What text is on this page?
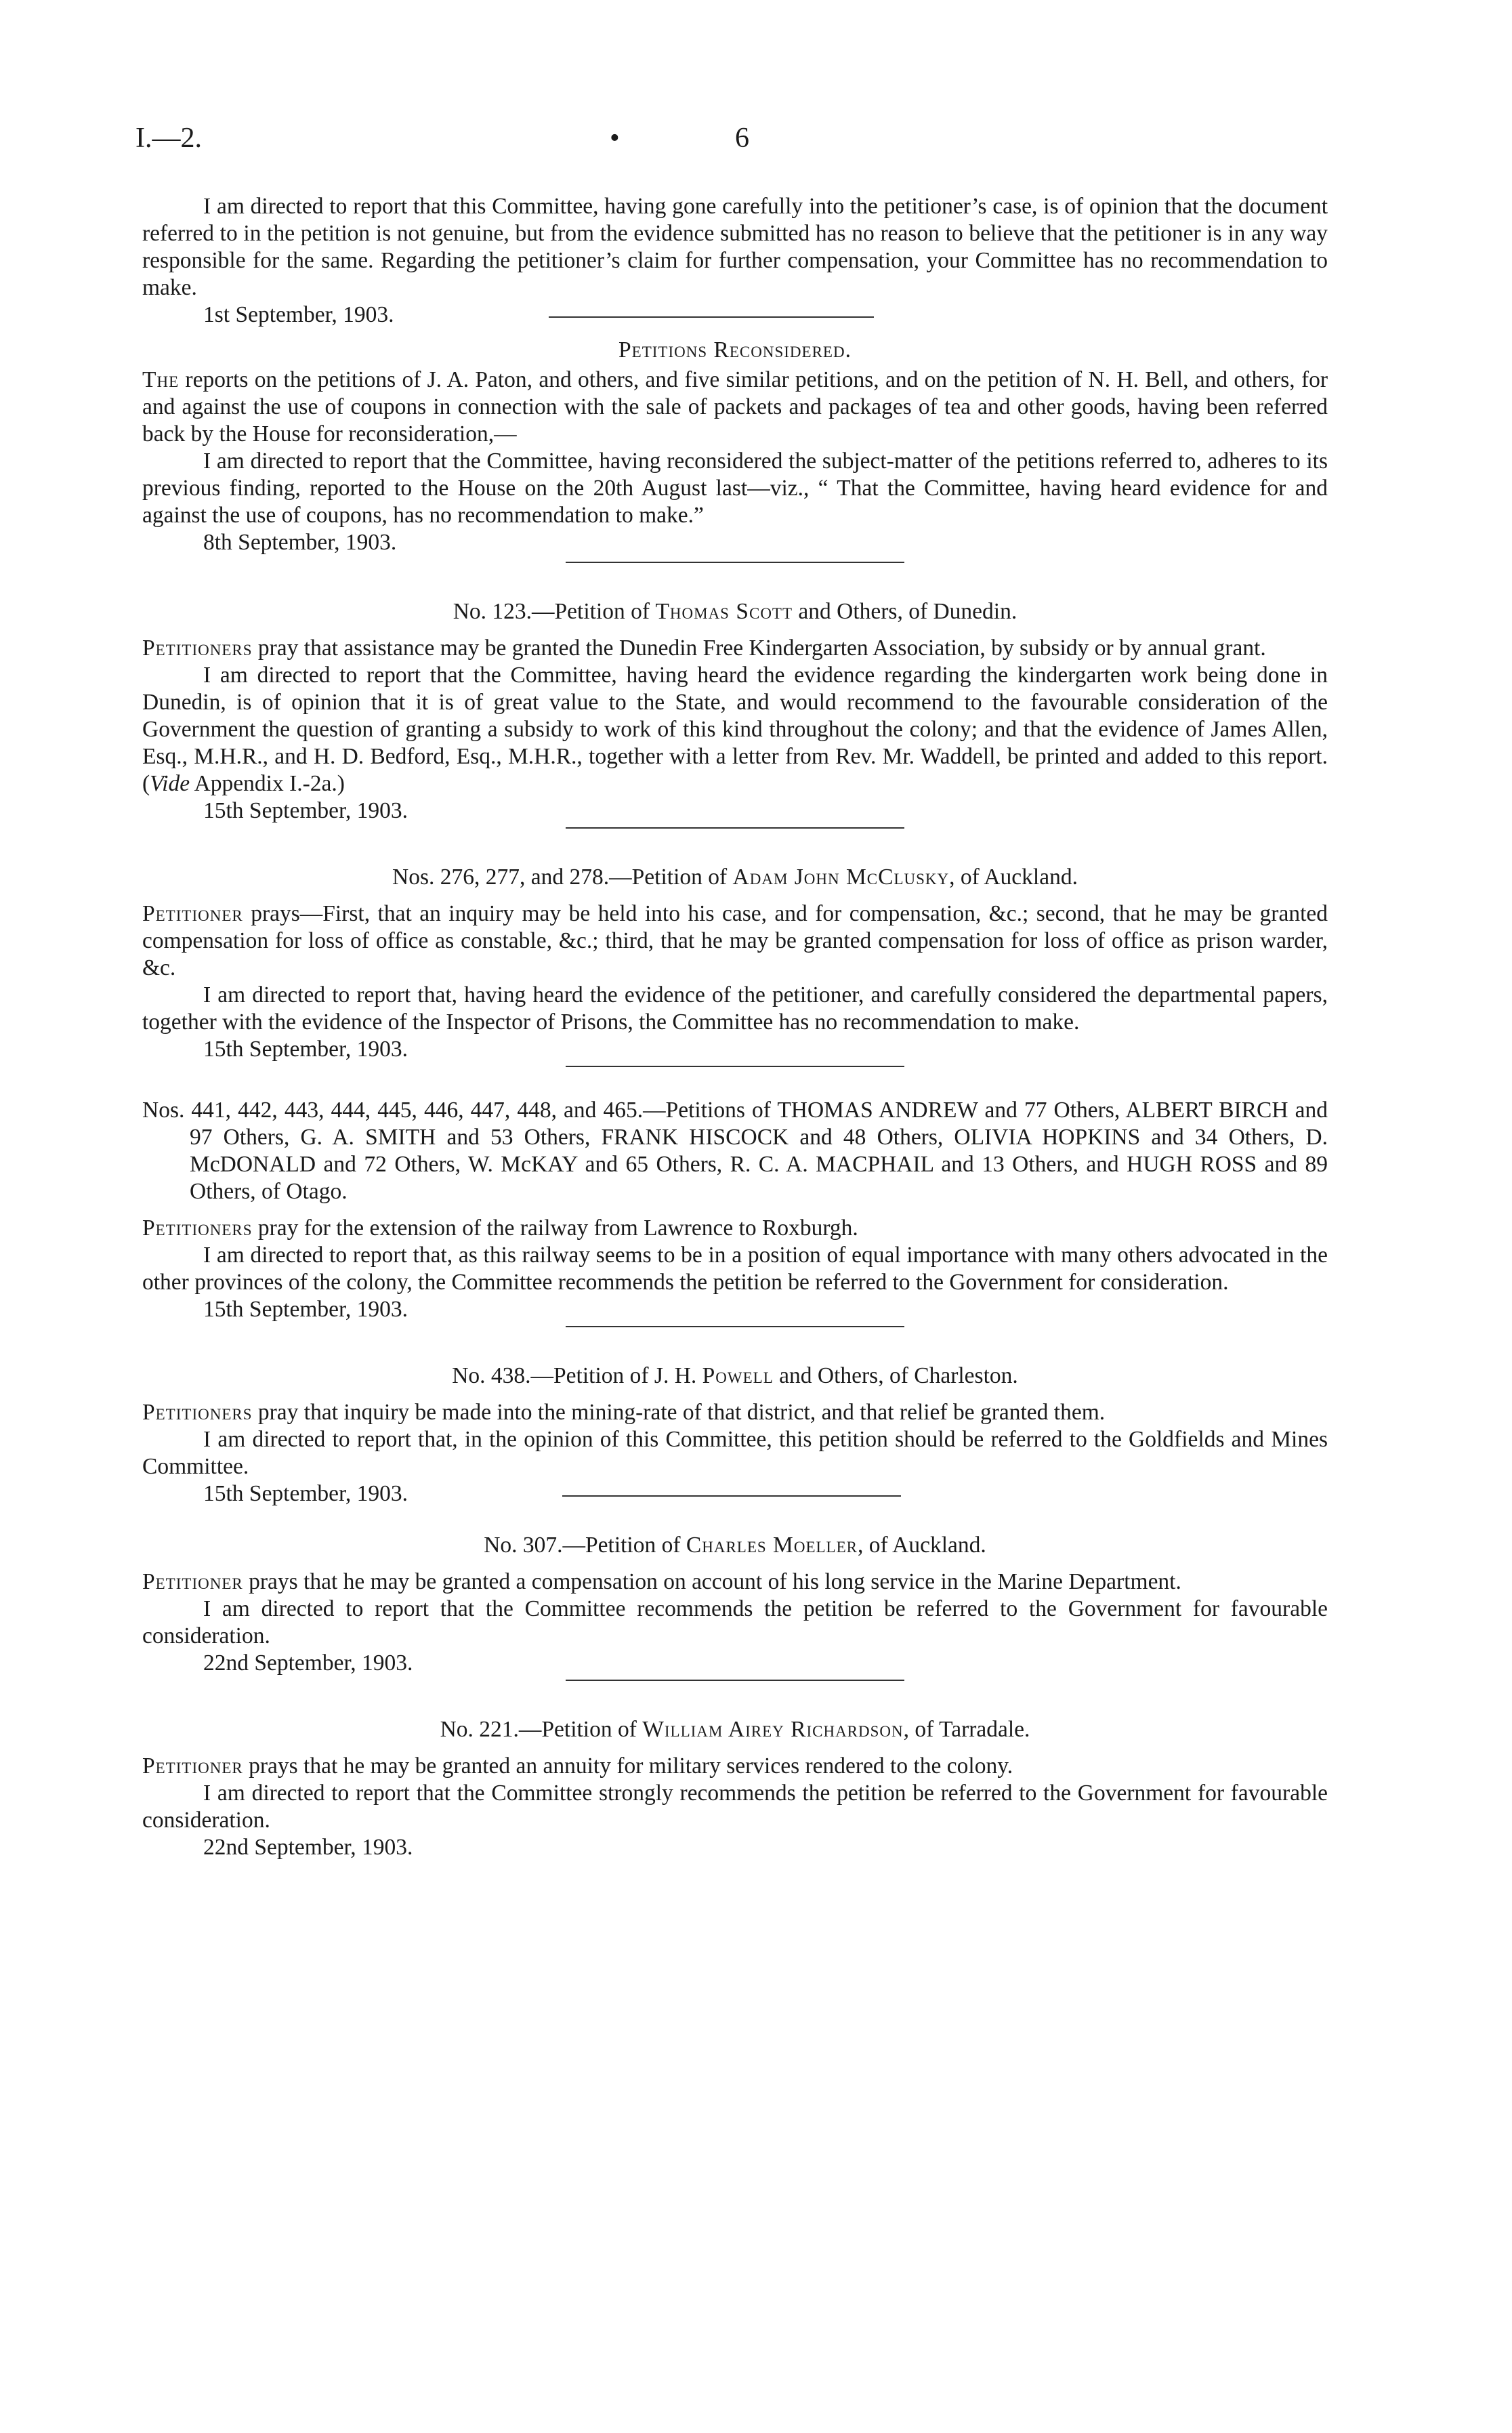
I.—2.	•	6

I am directed to report that this Committee, having gone carefully into the petitioner’s case, is of opinion that the document referred to in the petition is not genuine, but from the evidence submitted has no reason to believe that the petitioner is in any way responsible for the same. Regarding the petitioner’s claim for further compensation, your Committee has no recommendation to make.

1st September, 1903.
Petitions Reconsidered.

The reports on the petitions of J. A. Paton, and others, and five similar petitions, and on the petition of N. H. Bell, and others, for and against the use of coupons in connection with the sale of packets and packages of tea and other goods, having been referred back by the House for reconsideration,—

I am directed to report that the Committee, having reconsidered the subject-matter of the petitions referred to, adheres to its previous finding, reported to the House on the 20th August last—viz., “ That the Committee, having heard evidence for and against the use of coupons, has no recommendation to make.”

8th September, 1903.
No. 123.—Petition of Thomas Scott and Others, of Dunedin.

Petitioners pray that assistance may be granted the Dunedin Free Kindergarten Association, by subsidy or by annual grant.

I am directed to report that the Committee, having heard the evidence regarding the kindergarten work being done in Dunedin, is of opinion that it is of great value to the State, and would recommend to the favourable consideration of the Government the question of granting a subsidy to work of this kind throughout the colony; and that the evidence of James Allen, Esq., M.H.R., and H. D. Bedford, Esq., M.H.R., together with a letter from Rev. Mr. Waddell, be printed and added to this report. (Vide Appendix I.-2a.)

15th September, 1903.
Nos. 276, 277, and 278.—Petition of Adam John McClusky, of Auckland.

Petitioner prays—First, that an inquiry may be held into his case, and for compensation, &c.; second, that he may be granted compensation for loss of office as constable, &c.; third, that he may be granted compensation for loss of office as prison warder, &c.

I am directed to report that, having heard the evidence of the petitioner, and carefully considered the departmental papers, together with the evidence of the Inspector of Prisons, the Committee has no recommendation to make.

15th September, 1903.

Nos. 441, 442, 443, 444, 445, 446, 447, 448, and 465.—Petitions of THOMAS ANDREW and 77 Others, ALBERT BIRCH and 97 Others, G. A. SMITH and 53 Others, FRANK HISCOCK and 48 Others, OLIVIA HOPKINS and 34 Others, D. McDONALD and 72 Others, W. McKAY and 65 Others, R. C. A. MACPHAIL and 13 Others, and HUGH ROSS and 89 Others, of Otago.

Petitioners pray for the extension of the railway from Lawrence to Roxburgh.

I am directed to report that, as this railway seems to be in a position of equal importance with many others advocated in the other provinces of the colony, the Committee recommends the petition be referred to the Government for consideration.

15th September, 1903.
No. 438.—Petition of J. H. Powell and Others, of Charleston.

Petitioners pray that inquiry be made into the mining-rate of that district, and that relief be granted them.

I am directed to report that, in the opinion of this Committee, this petition should be referred to the Goldfields and Mines Committee.

15th September, 1903.
No. 307.—Petition of Charles Moeller, of Auckland.

Petitioner prays that he may be granted a compensation on account of his long service in the Marine Department.

I am directed to report that the Committee recommends the petition be referred to the Government for favourable consideration.

22nd September, 1903.
No. 221.—Petition of William Airey Richardson, of Tarradale.

Petitioner prays that he may be granted an annuity for military services rendered to the colony.

I am directed to report that the Committee strongly recommends the petition be referred to the Government for favourable consideration.

22nd September, 1903.
